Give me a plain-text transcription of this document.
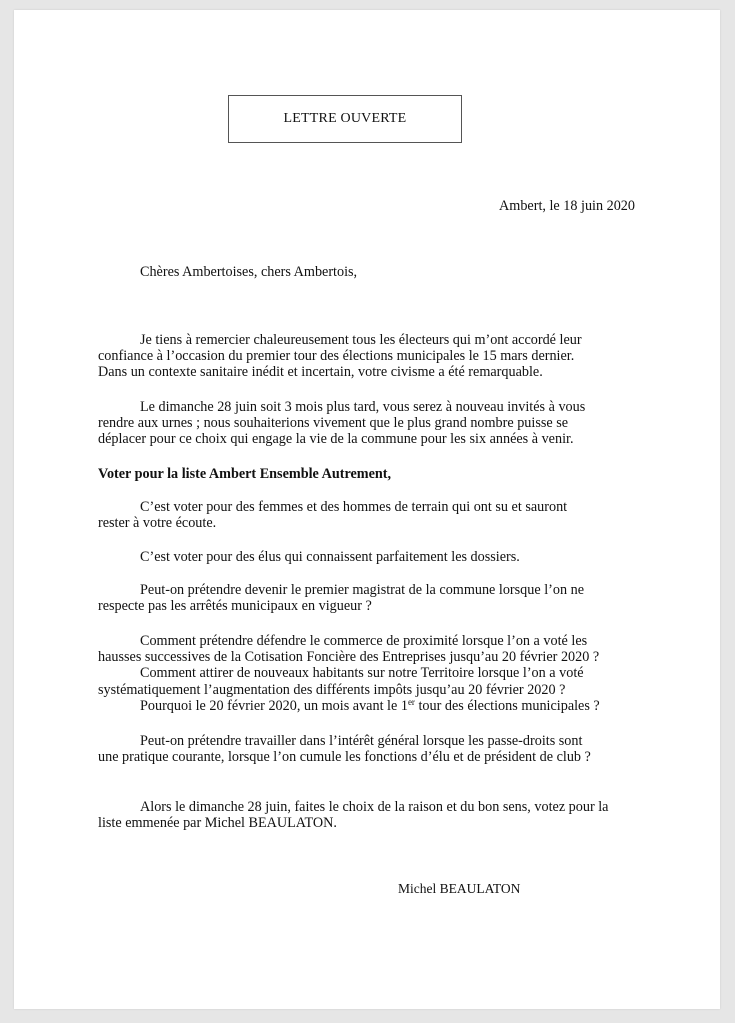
LETTRE OUVERTE
Ambert, le 18 juin 2020
Chères Ambertoises, chers Ambertois,
Je tiens à remercier chaleureusement tous les électeurs qui m’ont accordé leur
confiance à l’occasion du premier tour des élections municipales le 15 mars dernier.
Dans un contexte sanitaire inédit et incertain, votre civisme a été remarquable.
Le dimanche 28 juin soit 3 mois plus tard, vous serez à nouveau invités à vous
rendre aux urnes ; nous souhaiterions vivement que le plus grand nombre puisse se
déplacer pour ce choix qui engage la vie de la commune pour les six années à venir.
Voter pour la liste Ambert Ensemble Autrement,
C’est voter pour des femmes et des hommes de terrain qui ont su et sauront
rester à votre écoute.
C’est voter pour des élus qui connaissent parfaitement les dossiers.
Peut-on prétendre devenir le premier magistrat de la commune lorsque l’on ne
respecte pas les arrêtés municipaux en vigueur ?
Comment prétendre défendre le commerce de proximité lorsque l’on a voté les
hausses successives de la Cotisation Foncière des Entreprises jusqu’au 20 février 2020 ?
Comment attirer de nouveaux habitants sur notre Territoire lorsque l’on a voté
systématiquement l’augmentation des différents impôts jusqu’au 20 février 2020 ?
Pourquoi le 20 février 2020, un mois avant le 1er tour des élections municipales ?
Peut-on prétendre travailler dans l’intérêt général lorsque les passe-droits sont
une pratique courante, lorsque l’on cumule les fonctions d’élu et de président de club ?
Alors le dimanche 28 juin, faites le choix de la raison et du bon sens, votez pour la
liste emmenée par Michel BEAULATON.
Michel BEAULATON
